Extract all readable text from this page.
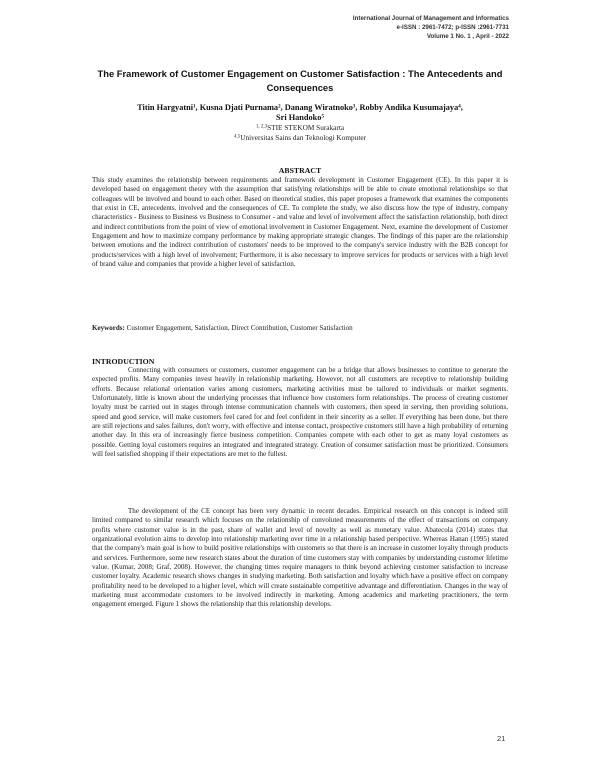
International Journal of Management and Informatics
e-ISSN : 2961-7472; p-ISSN :2961-7731
Volume 1 No. 1 , April - 2022
The Framework of Customer Engagement on Customer Satisfaction : The Antecedents and Consequences
Titin Hargyatni$^1$, Kusna Djati Purnama$^2$, Danang Wiratnoko$^3$, Robby Andika Kusumajaya$^4$,
Sri Handoko$^5$
$^{1, 2,3}$STIE STEKOM Surakarta
$^{4,5}$Universitas Sains dan Teknologi Komputer
ABSTRACT

This study examines the relationship between requirements and framework development in Customer Engagement (CE). In this paper it is developed based on engagement theory with the assumption that satisfying relationships will be able to create emotional relationships so that colleagues will be involved and bound to each other. Based on theoretical studies, this paper proposes a framework that examines the components that exist in CE, antecedents. involved and the consequences of CE. To complete the study, we also discuss how the type of industry, company characteristics - Business to Business vs Business to Consumer - and value and level of involvement affect the satisfaction relationship, both direct and indirect contributions from the point of view of emotional involvement in Customer Engagement. Next, examine the development of Customer Engagement and how to maximize company performance by making appropriate strategic changes. The findings of this paper are the relationship between emotions and the indirect contribution of customers' needs to be improved to the company's service industry with the B2B concept for products/services with a high level of involvement; Furthermore, it is also necessary to improve services for products or services with a high level of brand value and companies that provide a higher level of satisfaction.

Keywords: Customer Engagement, Satisfaction, Direct Contribution, Customer Satisfaction

INTRODUCTION

Connecting with consumers or customers, customer engagement can be a bridge that allows businesses to continue to generate the expected profits. Many companies invest heavily in relationship marketing. However, not all customers are receptive to relationship building efforts. Because relational orientation varies among customers, marketing activities must be tailored to individuals or market segments. Unfortunately, little is known about the underlying processes that influence how customers form relationships. The process of creating customer loyalty must be carried out in stages through intense communication channels with customers, then speed in serving, then providing solutions, speed and good service, will make customers feel cared for and feel confident in their sincerity as a seller. If everything has been done, but there are still rejections and sales failures, don't worry, with effective and intense contact, prospective customers still have a high probability of returning another day. In this era of increasingly fierce business competition. Companies compete with each other to get as many loyal customers as possible. Getting loyal customers requires an integrated and integrated strategy. Creation of consumer satisfaction must be prioritized. Consumers will feel satisfied shopping if their expectations are met to the fullest.

The development of the CE concept has been very dynamic in recent decades. Empirical research on this concept is indeed still limited compared to similar research which focuses on the relationship of convoluted measurements of the effect of transactions on company profits where customer value is in the past, share of wallet and level of novelty as well as monetary value. Abatecola (2014) states that organizational evolution aims to develop into relationship marketing over time in a relationship based perspective. Whereas Hanan (1995) stated that the company's main goal is how to build positive relationships with customers so that there is an increase in customer loyalty through products and services. Furthermore, some new research states about the duration of time customers stay with companies by understanding customer lifetime value. (Kumar, 2008; Graf, 2008). However, the changing times require managers to think beyond achieving customer satisfaction to increase customer loyalty. Academic research shows changes in studying marketing. Both satisfaction and loyalty which have a positive effect on company profitability need to be developed to a higher level, which will create sustainable competitive advantage and differentiation. Changes in the way of marketing must accommodate customers to be involved indirectly in marketing. Among academics and marketing practitioners, the term engagement emerged. Figure 1 shows the relationship that this relationship develops.

21
